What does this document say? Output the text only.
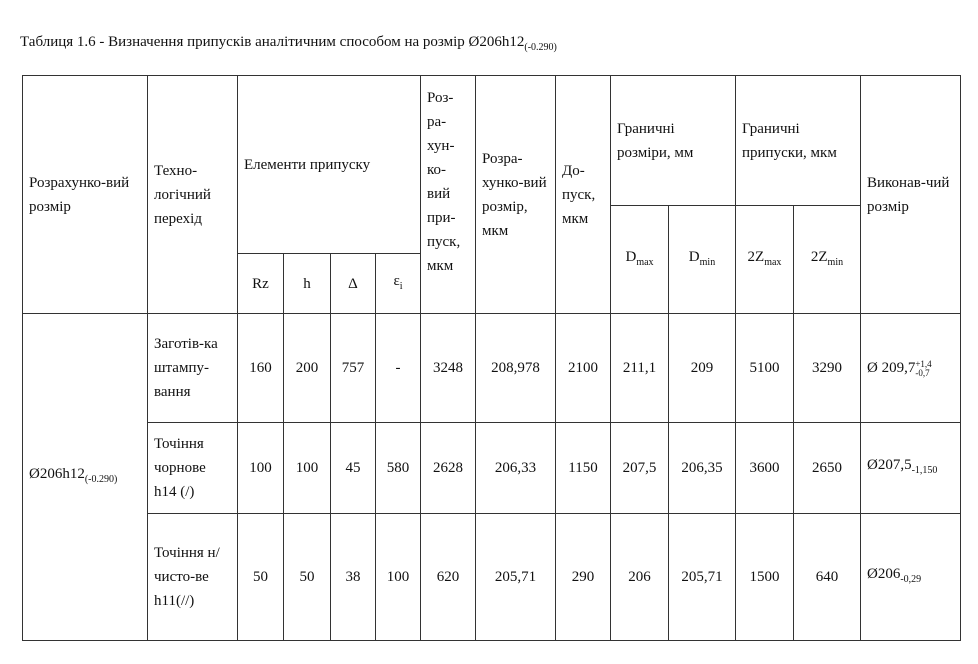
Таблиця 1.6 - Визначення припусків аналітичним способом на розмір $Ø206h12_{(-0.290)}$
Розрахунко-вий розмір	Техно-логічний перехід	Елементи припуску				Роз-ра-хун-ко-вий при-пуск, мкм	Розра-хунко-вий розмір, мкм	До-пуск, мкм	Граничні розміри, мм		Граничні припуски, мкм		Виконав-чий розмір
									$D_{max}$	$D_{min}$	$2Z_{max}$	$2Z_{min}$
		Rz	h	Δ	$\varepsilon_i$
$Ø206h12_{(-0.290)}$	Заготів-ка штампу-вання	160	200	757	-	3248	208,978	2100	211,1	209	5100	3290	Ø 209,7 +1,4
-0,7

	Точіння чорнове h14 (/)	100	100	45	580	2628	206,33	1150	207,5	206,35	3600	2650	$Ø207,5_{-1,150}$
	Точіння н/чисто-ве h11(//)	50	50	38	100	620	205,71	290	206	205,71	1500	640	$Ø206_{-0,29}$
